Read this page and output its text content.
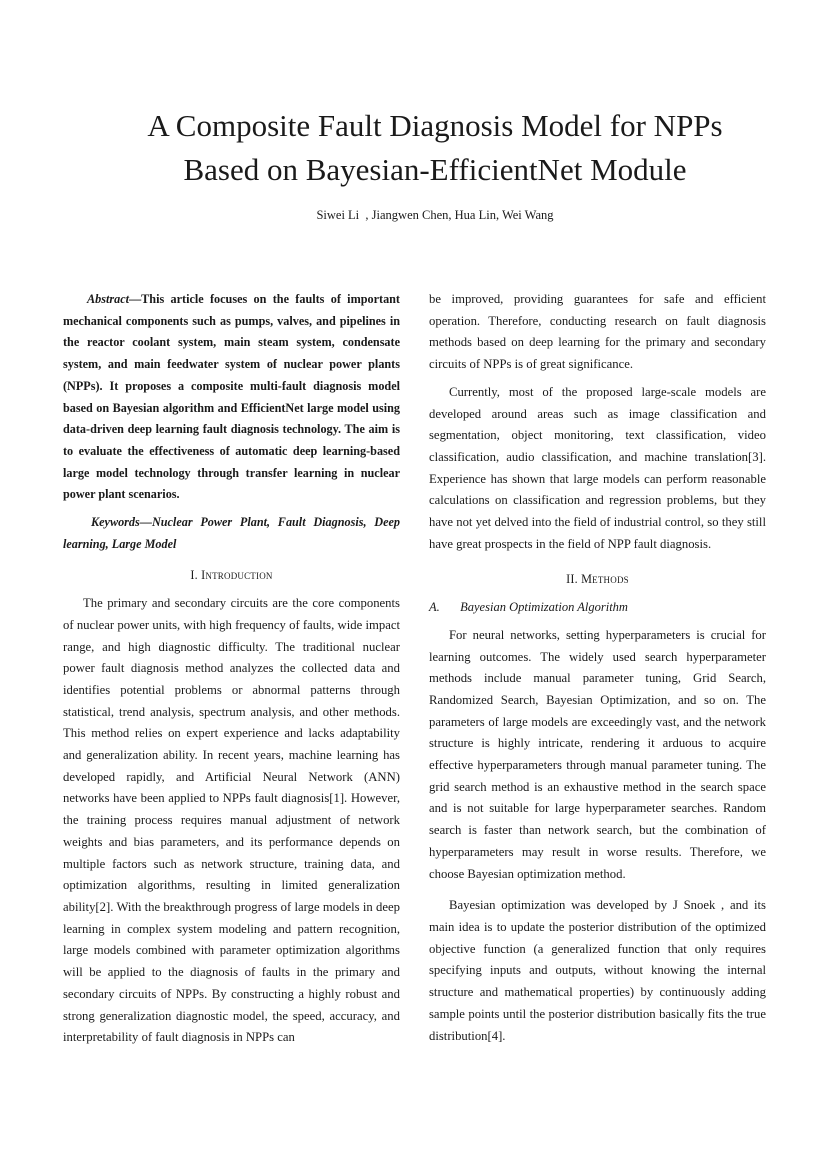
A Composite Fault Diagnosis Model for NPPs
Based on Bayesian-EfficientNet Module
Siwei Li  , Jiangwen Chen, Hua Lin, Wei Wang

Abstract—This article focuses on the faults of important mechanical components such as pumps, valves, and pipelines in the reactor coolant system, main steam system, condensate system, and main feedwater system of nuclear power plants (NPPs). It proposes a composite multi-fault diagnosis model based on Bayesian algorithm and EfficientNet large model using data-driven deep learning fault diagnosis technology. The aim is to evaluate the effectiveness of automatic deep learning-based large model technology through transfer learning in nuclear power plant scenarios.

Keywords—Nuclear Power Plant, Fault Diagnosis, Deep learning, Large Model

I. Introduction

The primary and secondary circuits are the core components of nuclear power units, with high frequency of faults, wide impact range, and high diagnostic difficulty. The traditional nuclear power fault diagnosis method analyzes the collected data and identifies potential problems or abnormal patterns through statistical, trend analysis, spectrum analysis, and other methods. This method relies on expert experience and lacks adaptability and generalization ability. In recent years, machine learning has developed rapidly, and Artificial Neural Network (ANN) networks have been applied to NPPs fault diagnosis[1]. However, the training process requires manual adjustment of network weights and bias parameters, and its performance depends on multiple factors such as network structure, training data, and optimization algorithms, resulting in limited generalization ability[2]. With the breakthrough progress of large models in deep learning in complex system modeling and pattern recognition, large models combined with parameter optimization algorithms will be applied to the diagnosis of faults in the primary and secondary circuits of NPPs. By constructing a highly robust and strong generalization diagnostic model, the speed, accuracy, and interpretability of fault diagnosis in NPPs can

be improved, providing guarantees for safe and efficient operation. Therefore, conducting research on fault diagnosis methods based on deep learning for the primary and secondary circuits of NPPs is of great significance.

Currently, most of the proposed large-scale models are developed around areas such as image classification and segmentation, object monitoring, text classification, video classification, audio classification, and machine translation[3]. Experience has shown that large models can perform reasonable calculations on classification and regression problems, but they have not yet delved into the field of industrial control, so they still have great prospects in the field of NPP fault diagnosis.

II. Methods
A. Bayesian Optimization Algorithm

For neural networks, setting hyperparameters is crucial for learning outcomes. The widely used search hyperparameter methods include manual parameter tuning, Grid Search, Randomized Search, Bayesian Optimization, and so on. The parameters of large models are exceedingly vast, and the network structure is highly intricate, rendering it arduous to acquire effective hyperparameters through manual parameter tuning. The grid search method is an exhaustive method in the search space and is not suitable for large hyperparameter searches. Random search is faster than network search, but the combination of hyperparameters may result in worse results. Therefore, we choose Bayesian optimization method.

Bayesian optimization was developed by J Snoek , and its main idea is to update the posterior distribution of the optimized objective function (a generalized function that only requires specifying inputs and outputs, without knowing the internal structure and mathematical properties) by continuously adding sample points until the posterior distribution basically fits the true distribution[4].
